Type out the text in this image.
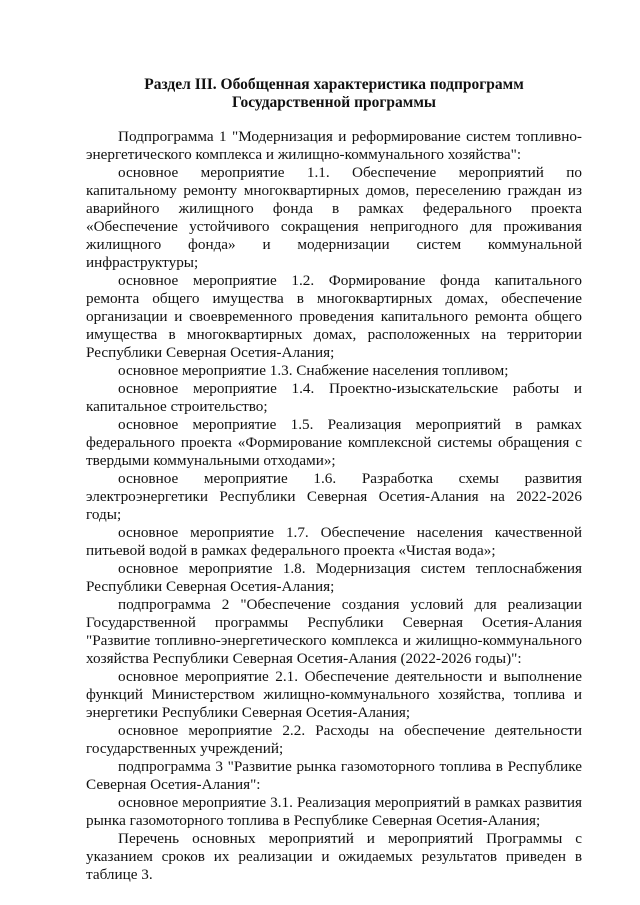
Раздел III. Обобщенная характеристика подпрограмм Государственной программы

Подпрограмма 1 "Модернизация и реформирование систем топливно-энергетического комплекса и жилищно-коммунального хозяйства":

основное мероприятие 1.1. Обеспечение мероприятий по капитальному ремонту многоквартирных домов, переселению граждан из аварийного жилищного фонда в рамках федерального проекта «Обеспечение устойчивого сокращения непригодного для проживания жилищного фонда» и модернизации систем коммунальной инфраструктуры;

основное мероприятие 1.2. Формирование фонда капитального ремонта общего имущества в многоквартирных домах, обеспечение организации и своевременного проведения капитального ремонта общего имущества в многоквартирных домах, расположенных на территории Республики Северная Осетия-Алания;

основное мероприятие 1.3. Снабжение населения топливом;

основное мероприятие 1.4. Проектно-изыскательские работы и капитальное строительство;

основное мероприятие 1.5. Реализация мероприятий в рамках федерального проекта «Формирование комплексной системы обращения с твердыми коммунальными отходами»;

основное мероприятие 1.6. Разработка схемы развития электроэнергетики Республики Северная Осетия-Алания на 2022-2026 годы;

основное мероприятие 1.7. Обеспечение населения качественной питьевой водой в рамках федерального проекта «Чистая вода»;

основное мероприятие 1.8. Модернизация систем теплоснабжения Республики Северная Осетия-Алания;

подпрограмма 2 "Обеспечение создания условий для реализации Государственной программы Республики Северная Осетия-Алания "Развитие топливно-энергетического комплекса и жилищно-коммунального хозяйства Республики Северная Осетия-Алания (2022-2026 годы)":

основное мероприятие 2.1. Обеспечение деятельности и выполнение функций Министерством жилищно-коммунального хозяйства, топлива и энергетики Республики Северная Осетия-Алания;

основное мероприятие 2.2. Расходы на обеспечение деятельности государственных учреждений;

подпрограмма 3 "Развитие рынка газомоторного топлива в Республике Северная Осетия-Алания":

основное мероприятие 3.1. Реализация мероприятий в рамках развития рынка газомоторного топлива в Республике Северная Осетия-Алания;

Перечень основных мероприятий и мероприятий Программы с указанием сроков их реализации и ожидаемых результатов приведен в таблице 3.
